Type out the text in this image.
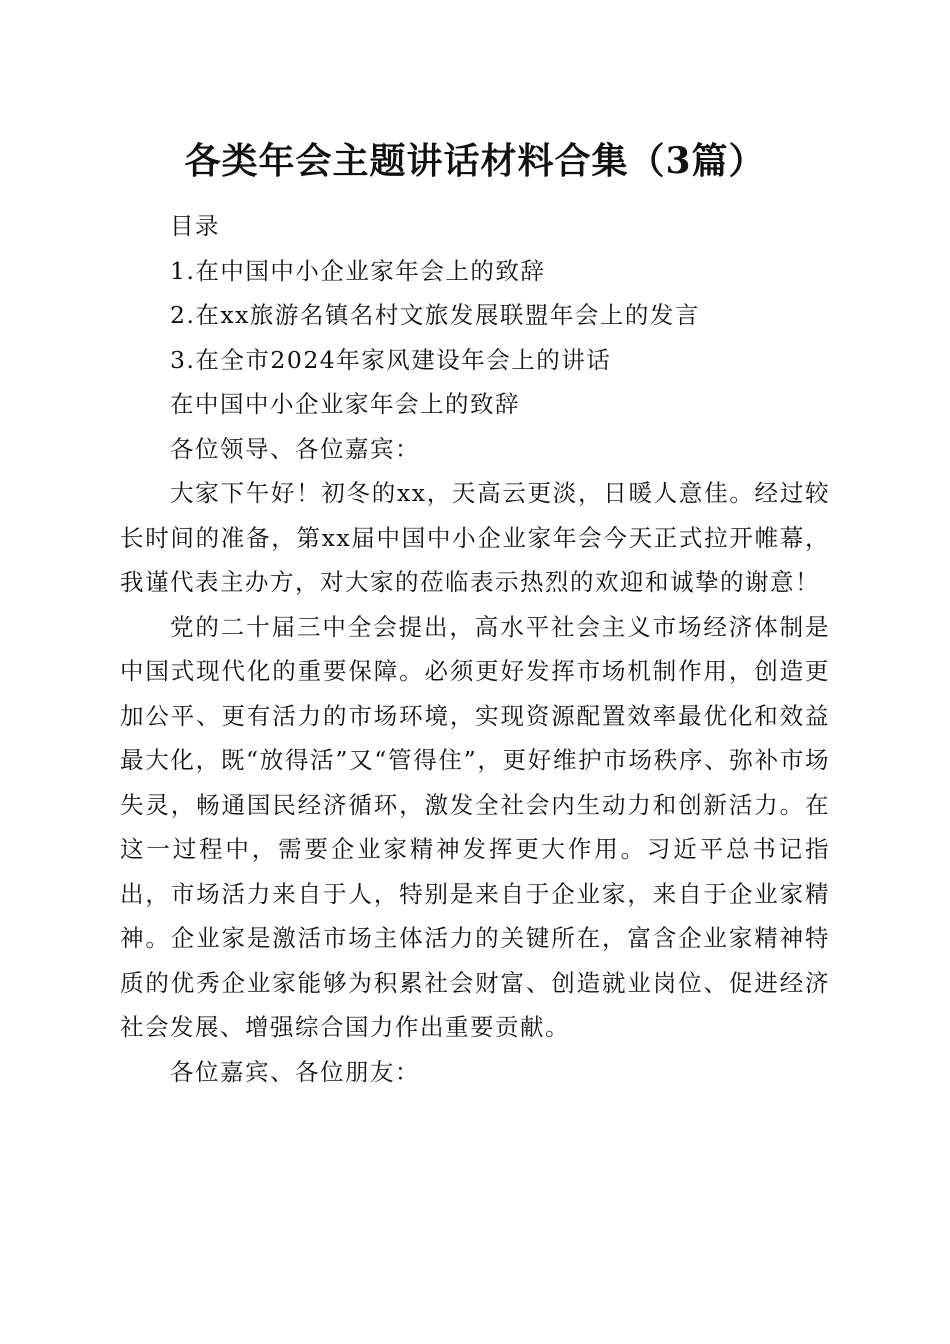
各类年会主题讲话材料合集（3篇）

目录

1.在中国中小企业家年会上的致辞

2.在xx旅游名镇名村文旅发展联盟年会上的发言

3.在全市2024年家风建设年会上的讲话

在中国中小企业家年会上的致辞

各位领导、各位嘉宾：

大家下午好！初冬的xx，天高云更淡，日暖人意佳。经过较长时间的准备，第xx届中国中小企业家年会今天正式拉开帷幕，我谨代表主办方，对大家的莅临表示热烈的欢迎和诚挚的谢意！

党的二十届三中全会提出，高水平社会主义市场经济体制是中国式现代化的重要保障。必须更好发挥市场机制作用，创造更加公平、更有活力的市场环境，实现资源配置效率最优化和效益最大化，既“放得活”又“管得住”，更好维护市场秩序、弥补市场失灵，畅通国民经济循环，激发全社会内生动力和创新活力。在这一过程中，需要企业家精神发挥更大作用。习近平总书记指出，市场活力来自于人，特别是来自于企业家，来自于企业家精神。企业家是激活市场主体活力的关键所在，富含企业家精神特质的优秀企业家能够为积累社会财富、创造就业岗位、促进经济社会发展、增强综合国力作出重要贡献。

各位嘉宾、各位朋友：
